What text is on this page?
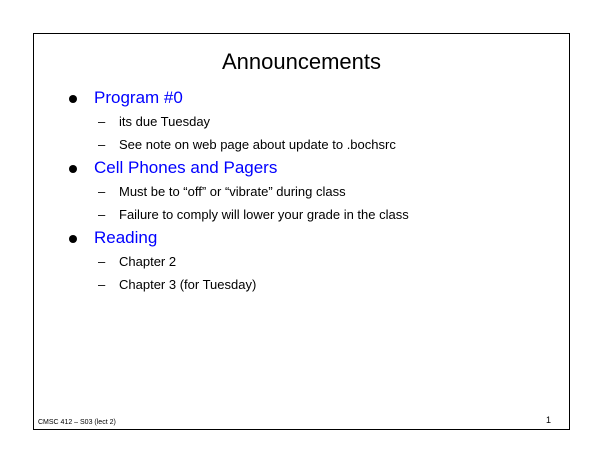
Announcements
Program #0
– its due Tuesday
– See note on web page about update to .bochsrc
Cell Phones and Pagers
– Must be to “off” or “vibrate” during class
– Failure to comply will lower your grade in the class
Reading
– Chapter 2
– Chapter 3 (for Tuesday)
CMSC 412 – S03 (lect 2)	1
